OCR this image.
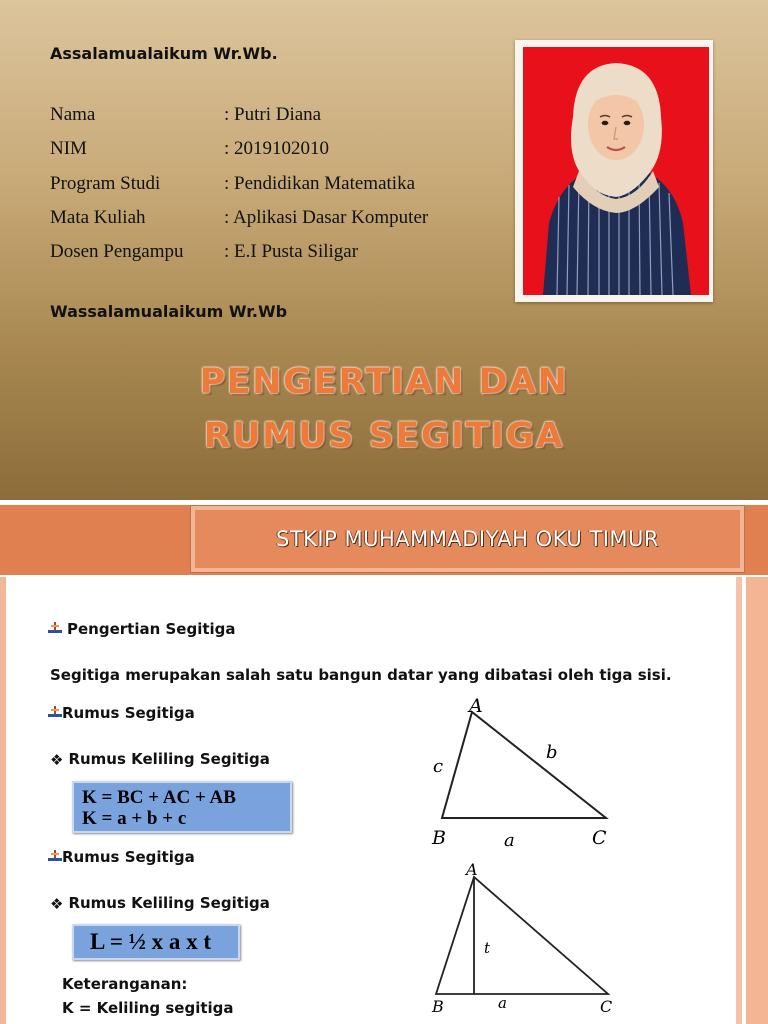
Assalamualaikum Wr.Wb.
Nama	: Putri Diana
NIM	: 2019102010
Program Studi	: Pendidikan Matematika
Mata Kuliah	: Aplikasi Dasar Komputer
Dosen Pengampu : E.I Pusta Siligar
Wassalamualaikum Wr.Wb
PENGERTIAN DAN
RUMUS SEGITIGA
STKIP MUHAMMADIYAH OKU TIMUR
Pengertian Segitiga
Segitiga merupakan salah satu bangun datar yang dibatasi oleh tiga sisi.
Rumus Segitiga
❖ Rumus Keliling Segitiga
K = BC + AC + AB
K = a + b + c
Rumus Segitiga
❖ Rumus Keliling Segitiga
L = ½ x a x t
Keteranganan:
K = Keliling segitiga
A
B	C
a
b
c
A
B	C
a
t
